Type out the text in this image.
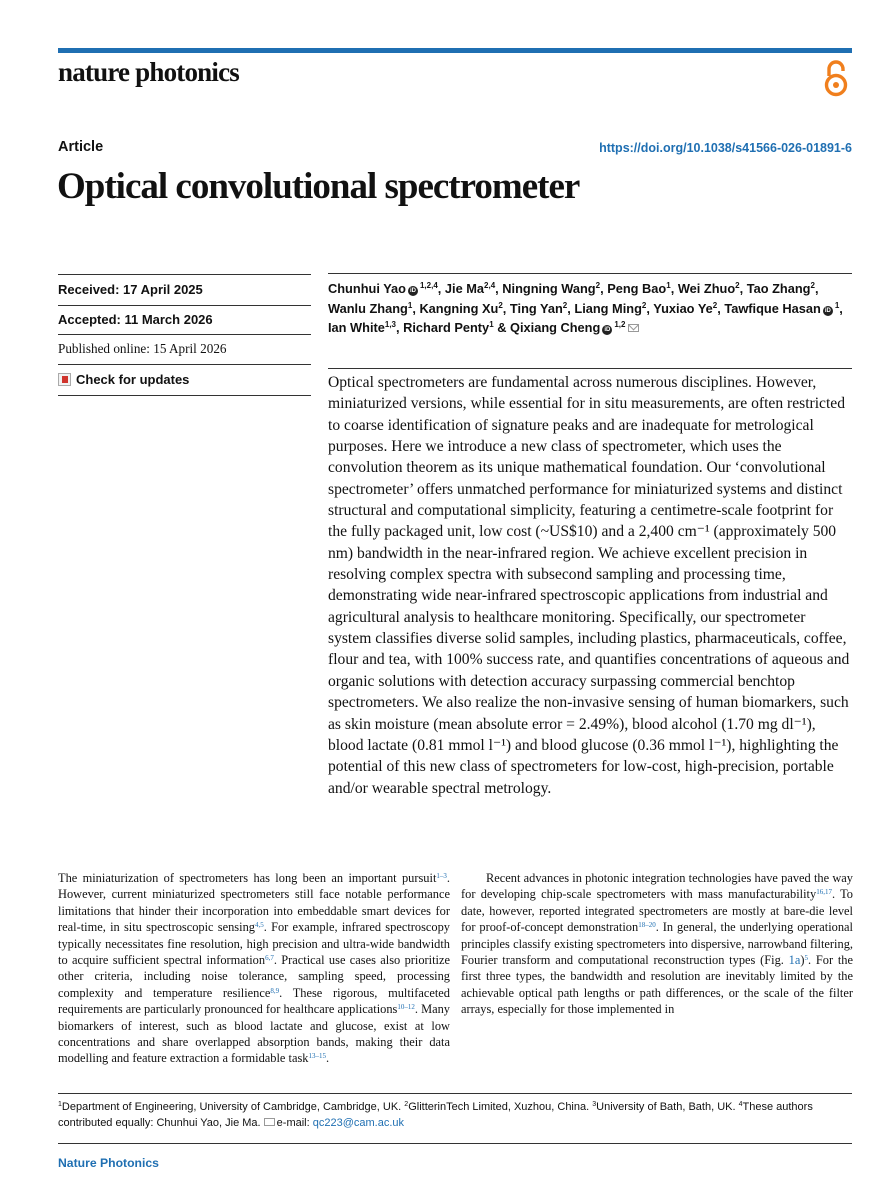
nature photonics
Article	https://doi.org/10.1038/s41566-026-01891-6
Optical convolutional spectrometer
Received: 17 April 2025
Accepted: 11 March 2026
Published online: 15 April 2026
Check for updates
Chunhui Yao iD$^{1,2,4}$, Jie Ma$^{2,4}$, Ningning Wang$^2$, Peng Bao$^1$, Wei Zhuo$^2$, Tao Zhang$^2$, Wanlu Zhang$^1$, Kangning Xu$^2$, Ting Yan$^2$, Liang Ming$^2$, Yuxiao Ye$^2$, Tawfique Hasan $iD^1$, Ian White$^{1,3}$, Richard Penty$^1$ & Qixiang Cheng iD$^{1,2}$

Optical spectrometers are fundamental across numerous disciplines. However, miniaturized versions, while essential for in situ measurements, are often restricted to coarse identification of signature peaks and are inadequate for metrological purposes. Here we introduce a new class of spectrometer, which uses the convolution theorem as its unique mathematical foundation. Our ‘convolutional spectrometer’ offers unmatched performance for miniaturized systems and distinct structural and computational simplicity, featuring a centimetre-scale footprint for the fully packaged unit, low cost (~US$10) and a 2,400 cm⁻¹ (approximately 500 nm) bandwidth in the near-infrared region. We achieve excellent precision in resolving complex spectra with subsecond sampling and processing time, demonstrating wide near-infrared spectroscopic applications from industrial and agricultural analysis to healthcare monitoring. Specifically, our spectrometer system classifies diverse solid samples, including plastics, pharmaceuticals, coffee, flour and tea, with 100% success rate, and quantifies concentrations of aqueous and organic solutions with detection accuracy surpassing commercial benchtop spectrometers. We also realize the non-invasive sensing of human biomarkers, such as skin moisture (mean absolute error = 2.49%), blood alcohol (1.70 mg dl⁻¹), blood lactate (0.81 mmol l⁻¹) and blood glucose (0.36 mmol l⁻¹), highlighting the potential of this new class of spectrometers for low-cost, high-precision, portable and/or wearable spectral metrology.

The miniaturization of spectrometers has long been an important pursuit$^{1-3}$. However, current miniaturized spectrometers still face notable performance limitations that hinder their incorporation into embeddable smart devices for real-time, in situ spectroscopic sensing$^{4,5}$. For example, infrared spectroscopy typically necessitates fine resolution, high precision and ultra-wide bandwidth to acquire sufficient spectral information$^{6,7}$. Practical use cases also prioritize other criteria, including noise tolerance, sampling speed, processing complexity and temperature resilience$^{8,9}$. These rigorous, multifaceted requirements are particularly pronounced for healthcare applications$^{10-12}$. Many biomarkers of interest, such as blood lactate and glucose, exist at low concentrations and share overlapped absorption bands, making their data modelling and feature extraction a formidable task$^{13-15}$.

Recent advances in photonic integration technologies have paved the way for developing chip-scale spectrometers with mass manufacturability$^{16,17}$. To date, however, reported integrated spectrometers are mostly at bare-die level for proof-of-concept demonstration$^{18-20}$. In general, the underlying operational principles classify existing spectrometers into dispersive, narrowband filtering, Fourier transform and computational reconstruction types (Fig. 1a)$^5$. For the first three types, the bandwidth and resolution are inevitably limited by the achievable optical path lengths or path differences, or the scale of the filter arrays, especially for those implemented in

$^1$Department of Engineering, University of Cambridge, Cambridge, UK. $^2$GlitterinTech Limited, Xuzhou, China. $^3$University of Bath, Bath, UK. $^4$These authors contributed equally: Chunhui Yao, Jie Ma. e-mail: qc223@cam.ac.uk
Nature Photonics
